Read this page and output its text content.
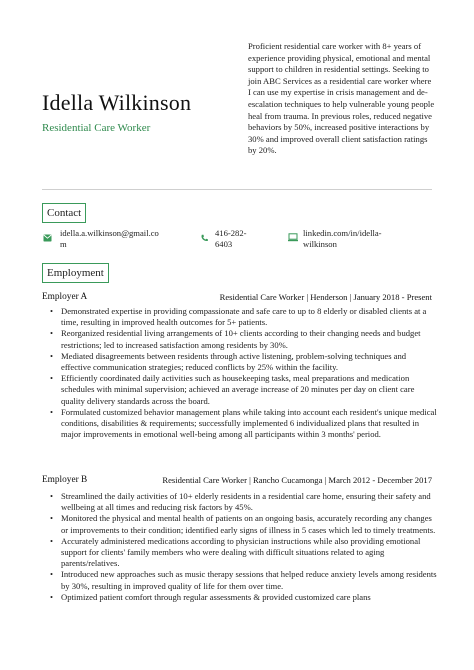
Idella Wilkinson
Residential Care Worker
Proficient residential care worker with 8+ years of experience providing physical, emotional and mental support to children in residential settings. Seeking to join ABC Services as a residential care worker where I can use my expertise in crisis management and de-escalation techniques to help vulnerable young people heal from trauma. In previous roles, reduced negative behaviors by 50%, increased positive interactions by 30% and improved overall client satisfaction ratings by 20%.
Contact
idella.a.wilkinson@gmail.co
m
416-282-
6403
linkedin.com/in/idella-
wilkinson
Employment
Employer A	Residential Care Worker | Henderson | January 2018 - Present
• Demonstrated expertise in providing compassionate and safe care to up to 8 elderly or disabled clients at a time, resulting in improved health outcomes for 5+ patients.
• Reorganized residential living arrangements of 10+ clients according to their changing needs and budget restrictions; led to increased satisfaction among residents by 30%.
• Mediated disagreements between residents through active listening, problem-solving techniques and effective communication strategies; reduced conflicts by 25% within the facility.
• Efficiently coordinated daily activities such as housekeeping tasks, meal preparations and medication schedules with minimal supervision; achieved an average increase of 20 minutes per day on client care quality delivery standards across the board.
• Formulated customized behavior management plans while taking into account each resident's unique medical conditions, disabilities & requirements; successfully implemented 6 individualized plans that resulted in major improvements in emotional well-being among all participants within 3 months' period.
Employer B	Residential Care Worker | Rancho Cucamonga | March 2012 - December 2017
• Streamlined the daily activities of 10+ elderly residents in a residential care home, ensuring their safety and wellbeing at all times and reducing risk factors by 45%.
• Monitored the physical and mental health of patients on an ongoing basis, accurately recording any changes or improvements to their condition; identified early signs of illness in 5 cases which led to timely treatments.
• Accurately administered medications according to physician instructions while also providing emotional support for clients' family members who were dealing with difficult situations related to aging parents/relatives.
• Introduced new approaches such as music therapy sessions that helped reduce anxiety levels among residents by 30%, resulting in improved quality of life for them over time.
• Optimized patient comfort through regular assessments & provided customized care plans
